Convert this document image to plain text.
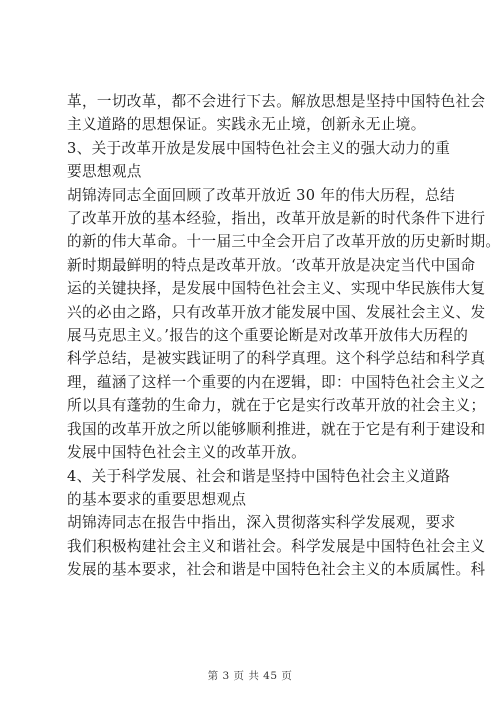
革，一切改革，都不会进行下去。解放思想是坚持中国特色社会
主义道路的思想保证。实践永无止境，创新永无止境。

3、关于改革开放是发展中国特色社会主义的强大动力的重
要思想观点

胡锦涛同志全面回顾了改革开放近 30 年的伟大历程，总结
了改革开放的基本经验，指出，改革开放是新的时代条件下进行
的新的伟大革命。十一届三中全会开启了改革开放的历史新时期。
新时期最鲜明的特点是改革开放。‘改革开放是决定当代中国命
运的关键抉择，是发展中国特色社会主义、实现中华民族伟大复
兴的必由之路，只有改革开放才能发展中国、发展社会主义、发
展马克思主义。’报告的这个重要论断是对改革开放伟大历程的
科学总结，是被实践证明了的科学真理。这个科学总结和科学真
理，蕴涵了这样一个重要的内在逻辑，即：中国特色社会主义之
所以具有蓬勃的生命力，就在于它是实行改革开放的社会主义；
我国的改革开放之所以能够顺利推进，就在于它是有利于建设和
发展中国特色社会主义的改革开放。

4、关于科学发展、社会和谐是坚持中国特色社会主义道路
的基本要求的重要思想观点

胡锦涛同志在报告中指出，深入贯彻落实科学发展观，要求
我们积极构建社会主义和谐社会。科学发展是中国特色社会主义
发展的基本要求，社会和谐是中国特色社会主义的本质属性。科

第 3 页 共 45 页
